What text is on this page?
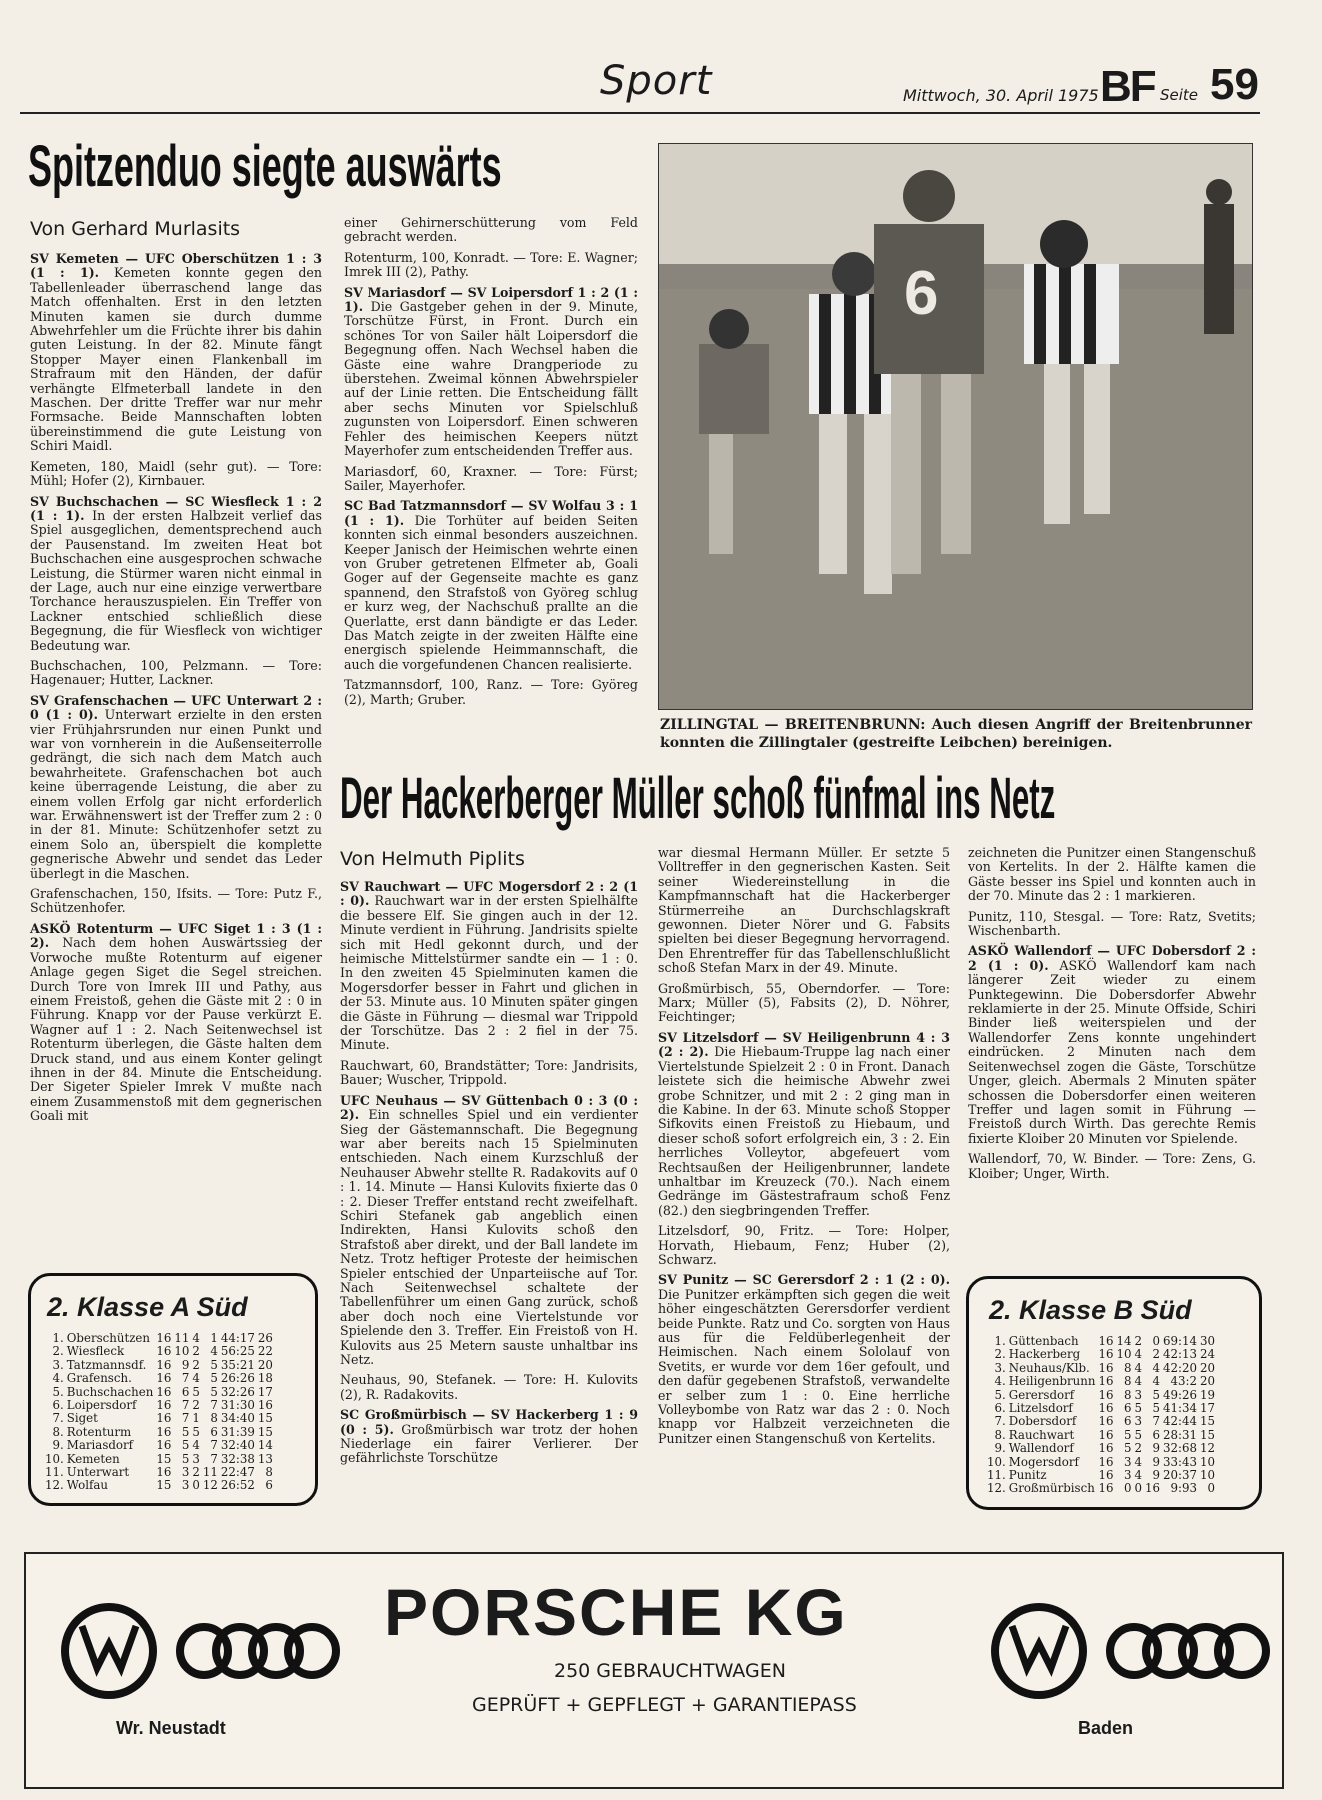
Sport	Mittwoch, 30. April 1975 BF Seite 59
Spitzenduo siegte auswärts
Von Gerhard Murlasits

SV Kemeten — UFC Oberschützen 1 : 3 (1 : 1). Kemeten konnte gegen den Tabellenleader überraschend lange das Match offenhalten. Erst in den letzten Minuten kamen sie durch dumme Abwehrfehler um die Früchte ihrer bis dahin guten Leistung. In der 82. Minute fängt Stopper Mayer einen Flankenball im Strafraum mit den Händen, der dafür verhängte Elfmeterball landete in den Maschen. Der dritte Treffer war nur mehr Formsache. Beide Mannschaften lobten übereinstimmend die gute Leistung von Schiri Maidl.

Kemeten, 180, Maidl (sehr gut). — Tore: Mühl; Hofer (2), Kirnbauer.

SV Buchschachen — SC Wiesfleck 1 : 2 (1 : 1). In der ersten Halbzeit verlief das Spiel ausgeglichen, dementsprechend auch der Pausenstand. Im zweiten Heat bot Buchschachen eine ausgesprochen schwache Leistung, die Stürmer waren nicht einmal in der Lage, auch nur eine einzige verwertbare Torchance herauszuspielen. Ein Treffer von Lackner entschied schließlich diese Begegnung, die für Wiesfleck von wichtiger Bedeutung war.

Buchschachen, 100, Pelzmann. — Tore: Hagenauer; Hutter, Lackner.

SV Grafenschachen — UFC Unterwart 2 : 0 (1 : 0). Unterwart erzielte in den ersten vier Frühjahrsrunden nur einen Punkt und war von vornherein in die Außenseiterrolle gedrängt, die sich nach dem Match auch bewahrheitete. Grafenschachen bot auch keine überragende Leistung, die aber zu einem vollen Erfolg gar nicht erforderlich war. Erwähnenswert ist der Treffer zum 2 : 0 in der 81. Minute: Schützenhofer setzt zu einem Solo an, überspielt die komplette gegnerische Abwehr und sendet das Leder überlegt in die Maschen.

Grafenschachen, 150, Ifsits. — Tore: Putz F., Schützenhofer.

ASKÖ Rotenturm — UFC Siget 1 : 3 (1 : 2). Nach dem hohen Auswärtssieg der Vorwoche mußte Rotenturm auf eigener Anlage gegen Siget die Segel streichen. Durch Tore von Imrek III und Pathy, aus einem Freistoß, gehen die Gäste mit 2 : 0 in Führung. Knapp vor der Pause verkürzt E. Wagner auf 1 : 2. Nach Seitenwechsel ist Rotenturm überlegen, die Gäste halten dem Druck stand, und aus einem Konter gelingt ihnen in der 84. Minute die Entscheidung. Der Sigeter Spieler Imrek V mußte nach einem Zusammenstoß mit dem gegnerischen Goali mit

einer Gehirnerschütterung vom Feld gebracht werden.

Rotenturm, 100, Konradt. — Tore: E. Wagner; Imrek III (2), Pathy.

SV Mariasdorf — SV Loipersdorf 1 : 2 (1 : 1). Die Gastgeber gehen in der 9. Minute, Torschütze Fürst, in Front. Durch ein schönes Tor von Sailer hält Loipersdorf die Begegnung offen. Nach Wechsel haben die Gäste eine wahre Drangperiode zu überstehen. Zweimal können Abwehrspieler auf der Linie retten. Die Entscheidung fällt aber sechs Minuten vor Spielschluß zugunsten von Loipersdorf. Einen schweren Fehler des heimischen Keepers nützt Mayerhofer zum entscheidenden Treffer aus.

Mariasdorf, 60, Kraxner. — Tore: Fürst; Sailer, Mayerhofer.

SC Bad Tatzmannsdorf — SV Wolfau 3 : 1 (1 : 1). Die Torhüter auf beiden Seiten konnten sich einmal besonders auszeichnen. Keeper Janisch der Heimischen wehrte einen von Gruber getretenen Elfmeter ab, Goali Goger auf der Gegenseite machte es ganz spannend, den Strafstoß von Györeg schlug er kurz weg, der Nachschuß prallte an die Querlatte, erst dann bändigte er das Leder. Das Match zeigte in der zweiten Hälfte eine energisch spielende Heimmannschaft, die auch die vorgefundenen Chancen realisierte.

Tatzmannsdorf, 100, Ranz. — Tore: Györeg (2), Marth; Gruber.

6
ZILLINGTAL — BREITENBRUNN: Auch diesen Angriff der Breitenbrunner konnten die Zillingtaler (gestreifte Leibchen) bereinigen.
Der Hackerberger Müller schoß fünfmal ins Netz
Von Helmuth Piplits

SV Rauchwart — UFC Mogersdorf 2 : 2 (1 : 0). Rauchwart war in der ersten Spielhälfte die bessere Elf. Sie gingen auch in der 12. Minute verdient in Führung. Jandrisits spielte sich mit Hedl gekonnt durch, und der heimische Mittelstürmer sandte ein — 1 : 0. In den zweiten 45 Spielminuten kamen die Mogersdorfer besser in Fahrt und glichen in der 53. Minute aus. 10 Minuten später gingen die Gäste in Führung — diesmal war Trippold der Torschütze. Das 2 : 2 fiel in der 75. Minute.

Rauchwart, 60, Brandstätter; Tore: Jandrisits, Bauer; Wuscher, Trippold.

UFC Neuhaus — SV Güttenbach 0 : 3 (0 : 2). Ein schnelles Spiel und ein verdienter Sieg der Gästemannschaft. Die Begegnung war aber bereits nach 15 Spielminuten entschieden. Nach einem Kurzschluß der Neuhauser Abwehr stellte R. Radakovits auf 0 : 1. 14. Minute — Hansi Kulovits fixierte das 0 : 2. Dieser Treffer entstand recht zweifelhaft. Schiri Stefanek gab angeblich einen Indirekten, Hansi Kulovits schoß den Strafstoß aber direkt, und der Ball landete im Netz. Trotz heftiger Proteste der heimischen Spieler entschied der Unparteiische auf Tor. Nach Seitenwechsel schaltete der Tabellenführer um einen Gang zurück, schoß aber doch noch eine Viertelstunde vor Spielende den 3. Treffer. Ein Freistoß von H. Kulovits aus 25 Metern sauste unhaltbar ins Netz.

Neuhaus, 90, Stefanek. — Tore: H. Kulovits (2), R. Radakovits.

SC Großmürbisch — SV Hackerberg 1 : 9 (0 : 5). Großmürbisch war trotz der hohen Niederlage ein fairer Verlierer. Der gefährlichste Torschütze

war diesmal Hermann Müller. Er setzte 5 Volltreffer in den gegnerischen Kasten. Seit seiner Wiedereinstellung in die Kampfmannschaft hat die Hackerberger Stürmerreihe an Durchschlagskraft gewonnen. Dieter Nörer und G. Fabsits spielten bei dieser Begegnung hervorragend. Den Ehrentreffer für das Tabellenschlußlicht schoß Stefan Marx in der 49. Minute.

Großmürbisch, 55, Oberndorfer. — Tore: Marx; Müller (5), Fabsits (2), D. Nöhrer, Feichtinger;

SV Litzelsdorf — SV Heiligenbrunn 4 : 3 (2 : 2). Die Hiebaum-Truppe lag nach einer Viertelstunde Spielzeit 2 : 0 in Front. Danach leistete sich die heimische Abwehr zwei grobe Schnitzer, und mit 2 : 2 ging man in die Kabine. In der 63. Minute schoß Stopper Sifkovits einen Freistoß zu Hiebaum, und dieser schoß sofort erfolgreich ein, 3 : 2. Ein herrliches Volleytor, abgefeuert vom Rechtsaußen der Heiligenbrunner, landete unhaltbar im Kreuzeck (70.). Nach einem Gedränge im Gästestrafraum schoß Fenz (82.) den siegbringenden Treffer.

Litzelsdorf, 90, Fritz. — Tore: Holper, Horvath, Hiebaum, Fenz; Huber (2), Schwarz.

SV Punitz — SC Gerersdorf 2 : 1 (2 : 0). Die Punitzer erkämpften sich gegen die weit höher eingeschätzten Gerersdorfer verdient beide Punkte. Ratz und Co. sorgten von Haus aus für die Feldüberlegenheit der Heimischen. Nach einem Sololauf von Svetits, er wurde vor dem 16er gefoult, und den dafür gegebenen Strafstoß, verwandelte er selber zum 1 : 0. Eine herrliche Volleybombe von Ratz war das 2 : 0. Noch knapp vor Halbzeit verzeichneten die Punitzer einen Stangenschuß von Kertelits.

zeichneten die Punitzer einen Stangenschuß von Kertelits. In der 2. Hälfte kamen die Gäste besser ins Spiel und konnten auch in der 70. Minute das 2 : 1 markieren.

Punitz, 110, Stesgal. — Tore: Ratz, Svetits; Wischenbarth.

ASKÖ Wallendorf — UFC Dobersdorf 2 : 2 (1 : 0). ASKÖ Wallendorf kam nach längerer Zeit wieder zu einem Punktegewinn. Die Dobersdorfer Abwehr reklamierte in der 25. Minute Offside, Schiri Binder ließ weiterspielen und der Wallendorfer Zens konnte ungehindert eindrücken. 2 Minuten nach dem Seitenwechsel zogen die Gäste, Torschütze Unger, gleich. Abermals 2 Minuten später schossen die Dobersdorfer einen weiteren Treffer und lagen somit in Führung — Freistoß durch Wirth. Das gerechte Remis fixierte Kloiber 20 Minuten vor Spielende.

Wallendorf, 70, W. Binder. — Tore: Zens, G. Kloiber; Unger, Wirth.

2. Klasse A Süd
1.	Oberschützen	16	11	4	1	44:17	26
2.	Wiesfleck	16	10	2	4	56:25	22
3.	Tatzmannsdf.	16	9	2	5	35:21	20
4.	Grafensch.	16	7	4	5	26:26	18
5.	Buchschachen	16	6	5	5	32:26	17
6.	Loipersdorf	16	7	2	7	31:30	16
7.	Siget	16	7	1	8	34:40	15
8.	Rotenturm	16	5	5	6	31:39	15
9.	Mariasdorf	16	5	4	7	32:40	14
10.	Kemeten	15	5	3	7	32:38	13
11.	Unterwart	16	3	2	11	22:47	8
12.	Wolfau	15	3	0	12	26:52	6
2. Klasse B Süd
1.	Güttenbach	16	14	2	0	69:14	30
2.	Hackerberg	16	10	4	2	42:13	24
3.	Neuhaus/Klb.	16	8	4	4	42:20	20
4.	Heiligenbrunn	16	8	4	4	43:2	20
5.	Gerersdorf	16	8	3	5	49:26	19
6.	Litzelsdorf	16	6	5	5	41:34	17
7.	Dobersdorf	16	6	3	7	42:44	15
8.	Rauchwart	16	5	5	6	28:31	15
9.	Wallendorf	16	5	2	9	32:68	12
10.	Mogersdorf	16	3	4	9	33:43	10
11.	Punitz	16	3	4	9	20:37	10
12.	Großmürbisch	16	0	0	16	9:93	0
PORSCHE KG
250 GEBRAUCHTWAGEN
GEPRÜFT + GEPFLEGT + GARANTIEPASS
Wr. Neustadt	Baden
